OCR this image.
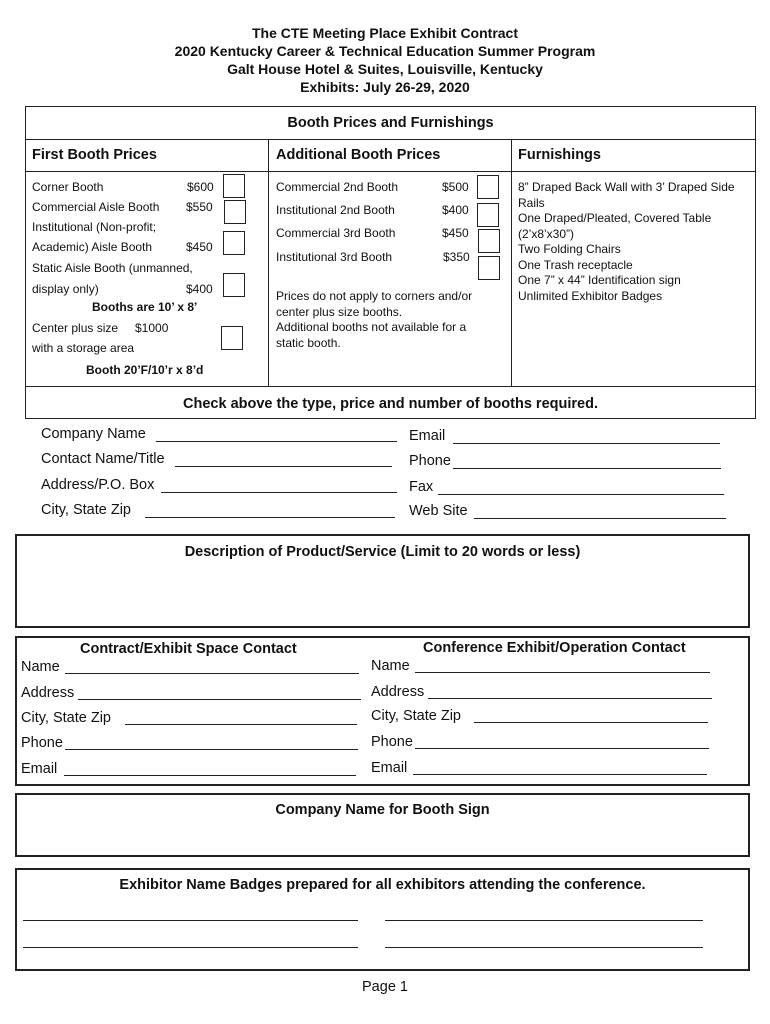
The CTE Meeting Place Exhibit Contract
2020 Kentucky Career & Technical Education Summer Program
Galt House Hotel & Suites, Louisville, Kentucky
Exhibits: July 26-29, 2020
Booth Prices and Furnishings
First Booth Prices	Additional Booth Prices	Furnishings
Corner Booth	$600
Commercial Aisle Booth $550
Institutional (Non-profit;
Academic) Aisle Booth	$450
Static Aisle Booth (unmanned,
display only)	$400
Booths are 10’ x 8’
Center plus size $1000
with a storage area
Booth 20’F/10’r x 8’d
Commercial 2nd Booth	$500
Institutional 2nd Booth	$400
Commercial 3rd Booth	$450
Institutional 3rd Booth	$350
Prices do not apply to corners and/or
center plus size booths.
Additional booths not available for a
static booth.
8” Draped Back Wall with 3’ Draped Side
Rails
One Draped/Pleated, Covered Table
(2’x8’x30”)
Two Folding Chairs
One Trash receptacle
One 7” x 44” Identification sign
Unlimited Exhibitor Badges
Check above the type, price and number of booths required.
Company Name
Contact Name/Title
Address/P.O. Box
City, State Zip
Email
Phone
Fax
Web Site
Description of Product/Service (Limit to 20 words or less)
Contract/Exhibit Space Contact	Conference Exhibit/Operation Contact
Name
Address
City, State Zip
Phone
Email
Name
Address
City, State Zip
Phone
Email
Company Name for Booth Sign
Exhibitor Name Badges prepared for all exhibitors attending the conference.
Page 1
